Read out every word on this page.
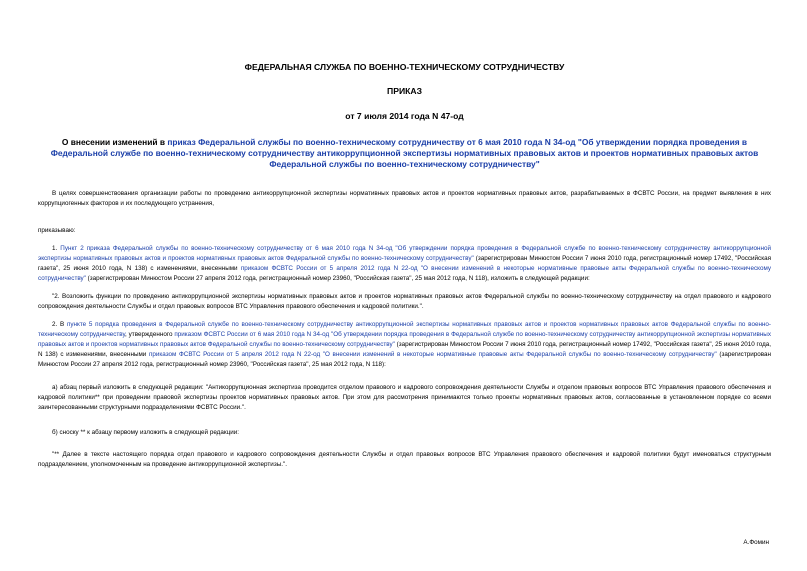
ФЕДЕРАЛЬНАЯ СЛУЖБА ПО ВОЕННО-ТЕХНИЧЕСКОМУ СОТРУДНИЧЕСТВУ
ПРИКАЗ
от 7 июля 2014 года N 47-од
О внесении изменений в приказ Федеральной службы по военно-техническому сотрудничеству от 6 мая 2010 года N 34-од "Об утверждении порядка проведения в Федеральной службе по военно-техническому сотрудничеству антикоррупционной экспертизы нормативных правовых актов и проектов нормативных правовых актов Федеральной службы по военно-техническому сотрудничеству"

В целях совершенствования организации работы по проведению антикоррупционной экспертизы нормативных правовых актов и проектов нормативных правовых актов, разрабатываемых в ФСВТС России, на предмет выявления в них коррупциогенных факторов и их последующего устранения,

приказываю:

1. Пункт 2 приказа Федеральной службы по военно-техническому сотрудничеству от 6 мая 2010 года N 34-од "Об утверждении порядка проведения в Федеральной службе по военно-техническому сотрудничеству антикоррупционной экспертизы нормативных правовых актов и проектов нормативных правовых актов Федеральной службы по военно-техническому сотрудничеству" (зарегистрирован Минюстом России 7 июня 2010 года, регистрационный номер 17492, "Российская газета", 25 июня 2010 года, N 138) с изменениями, внесенными приказом ФСВТС России от 5 апреля 2012 года N 22-од "О внесении изменений в некоторые нормативные правовые акты Федеральной службы по военно-техническому сотрудничеству" (зарегистрирован Минюстом России 27 апреля 2012 года, регистрационный номер 23960, "Российская газета", 25 мая 2012 года, N 118), изложить в следующей редакции:

"2. Возложить функции по проведению антикоррупционной экспертизы нормативных правовых актов и проектов нормативных правовых актов Федеральной службы по военно-техническому сотрудничеству на отдел правового и кадрового сопровождения деятельности Службы и отдел правовых вопросов ВТС Управления правового обеспечения и кадровой политики.".

2. В пункте 5 порядка проведения в Федеральной службе по военно-техническому сотрудничеству антикоррупционной экспертизы нормативных правовых актов и проектов нормативных правовых актов Федеральной службы по военно-техническому сотрудничеству, утвержденного приказом ФСВТС России от 6 мая 2010 года N 34-од "Об утверждении порядка проведения в Федеральной службе по военно-техническому сотрудничеству антикоррупционной экспертизы нормативных правовых актов и проектов нормативных правовых актов Федеральной службы по военно-техническому сотрудничеству" (зарегистрирован Минюстом России 7 июня 2010 года, регистрационный номер 17492, "Российская газета", 25 июня 2010 года, N 138) с изменениями, внесенными приказом ФСВТС России от 5 апреля 2012 года N 22-од "О внесении изменений в некоторые нормативные правовые акты Федеральной службы по военно-техническому сотрудничеству" (зарегистрирован Минюстом России 27 апреля 2012 года, регистрационный номер 23960, "Российская газета", 25 мая 2012 года, N 118):

а) абзац первый изложить в следующей редакции: "Антикоррупционная экспертиза проводится отделом правового и кадрового сопровождения деятельности Службы и отделом правовых вопросов ВТС Управления правового обеспечения и кадровой политики** при проведении правовой экспертизы проектов нормативных правовых актов. При этом для рассмотрения принимаются только проекты нормативных правовых актов, согласованные в установленном порядке со всеми заинтересованными структурными подразделениями ФСВТС России.".

б) сноску ** к абзацу первому изложить в следующей редакции:

"** Далее в тексте настоящего порядка отдел правового и кадрового сопровождения деятельности Службы и отдел правовых вопросов ВТС Управления правового обеспечения и кадровой политики будут именоваться структурным подразделением, уполномоченным на проведение антикоррупционной экспертизы.".

А.Фомин
